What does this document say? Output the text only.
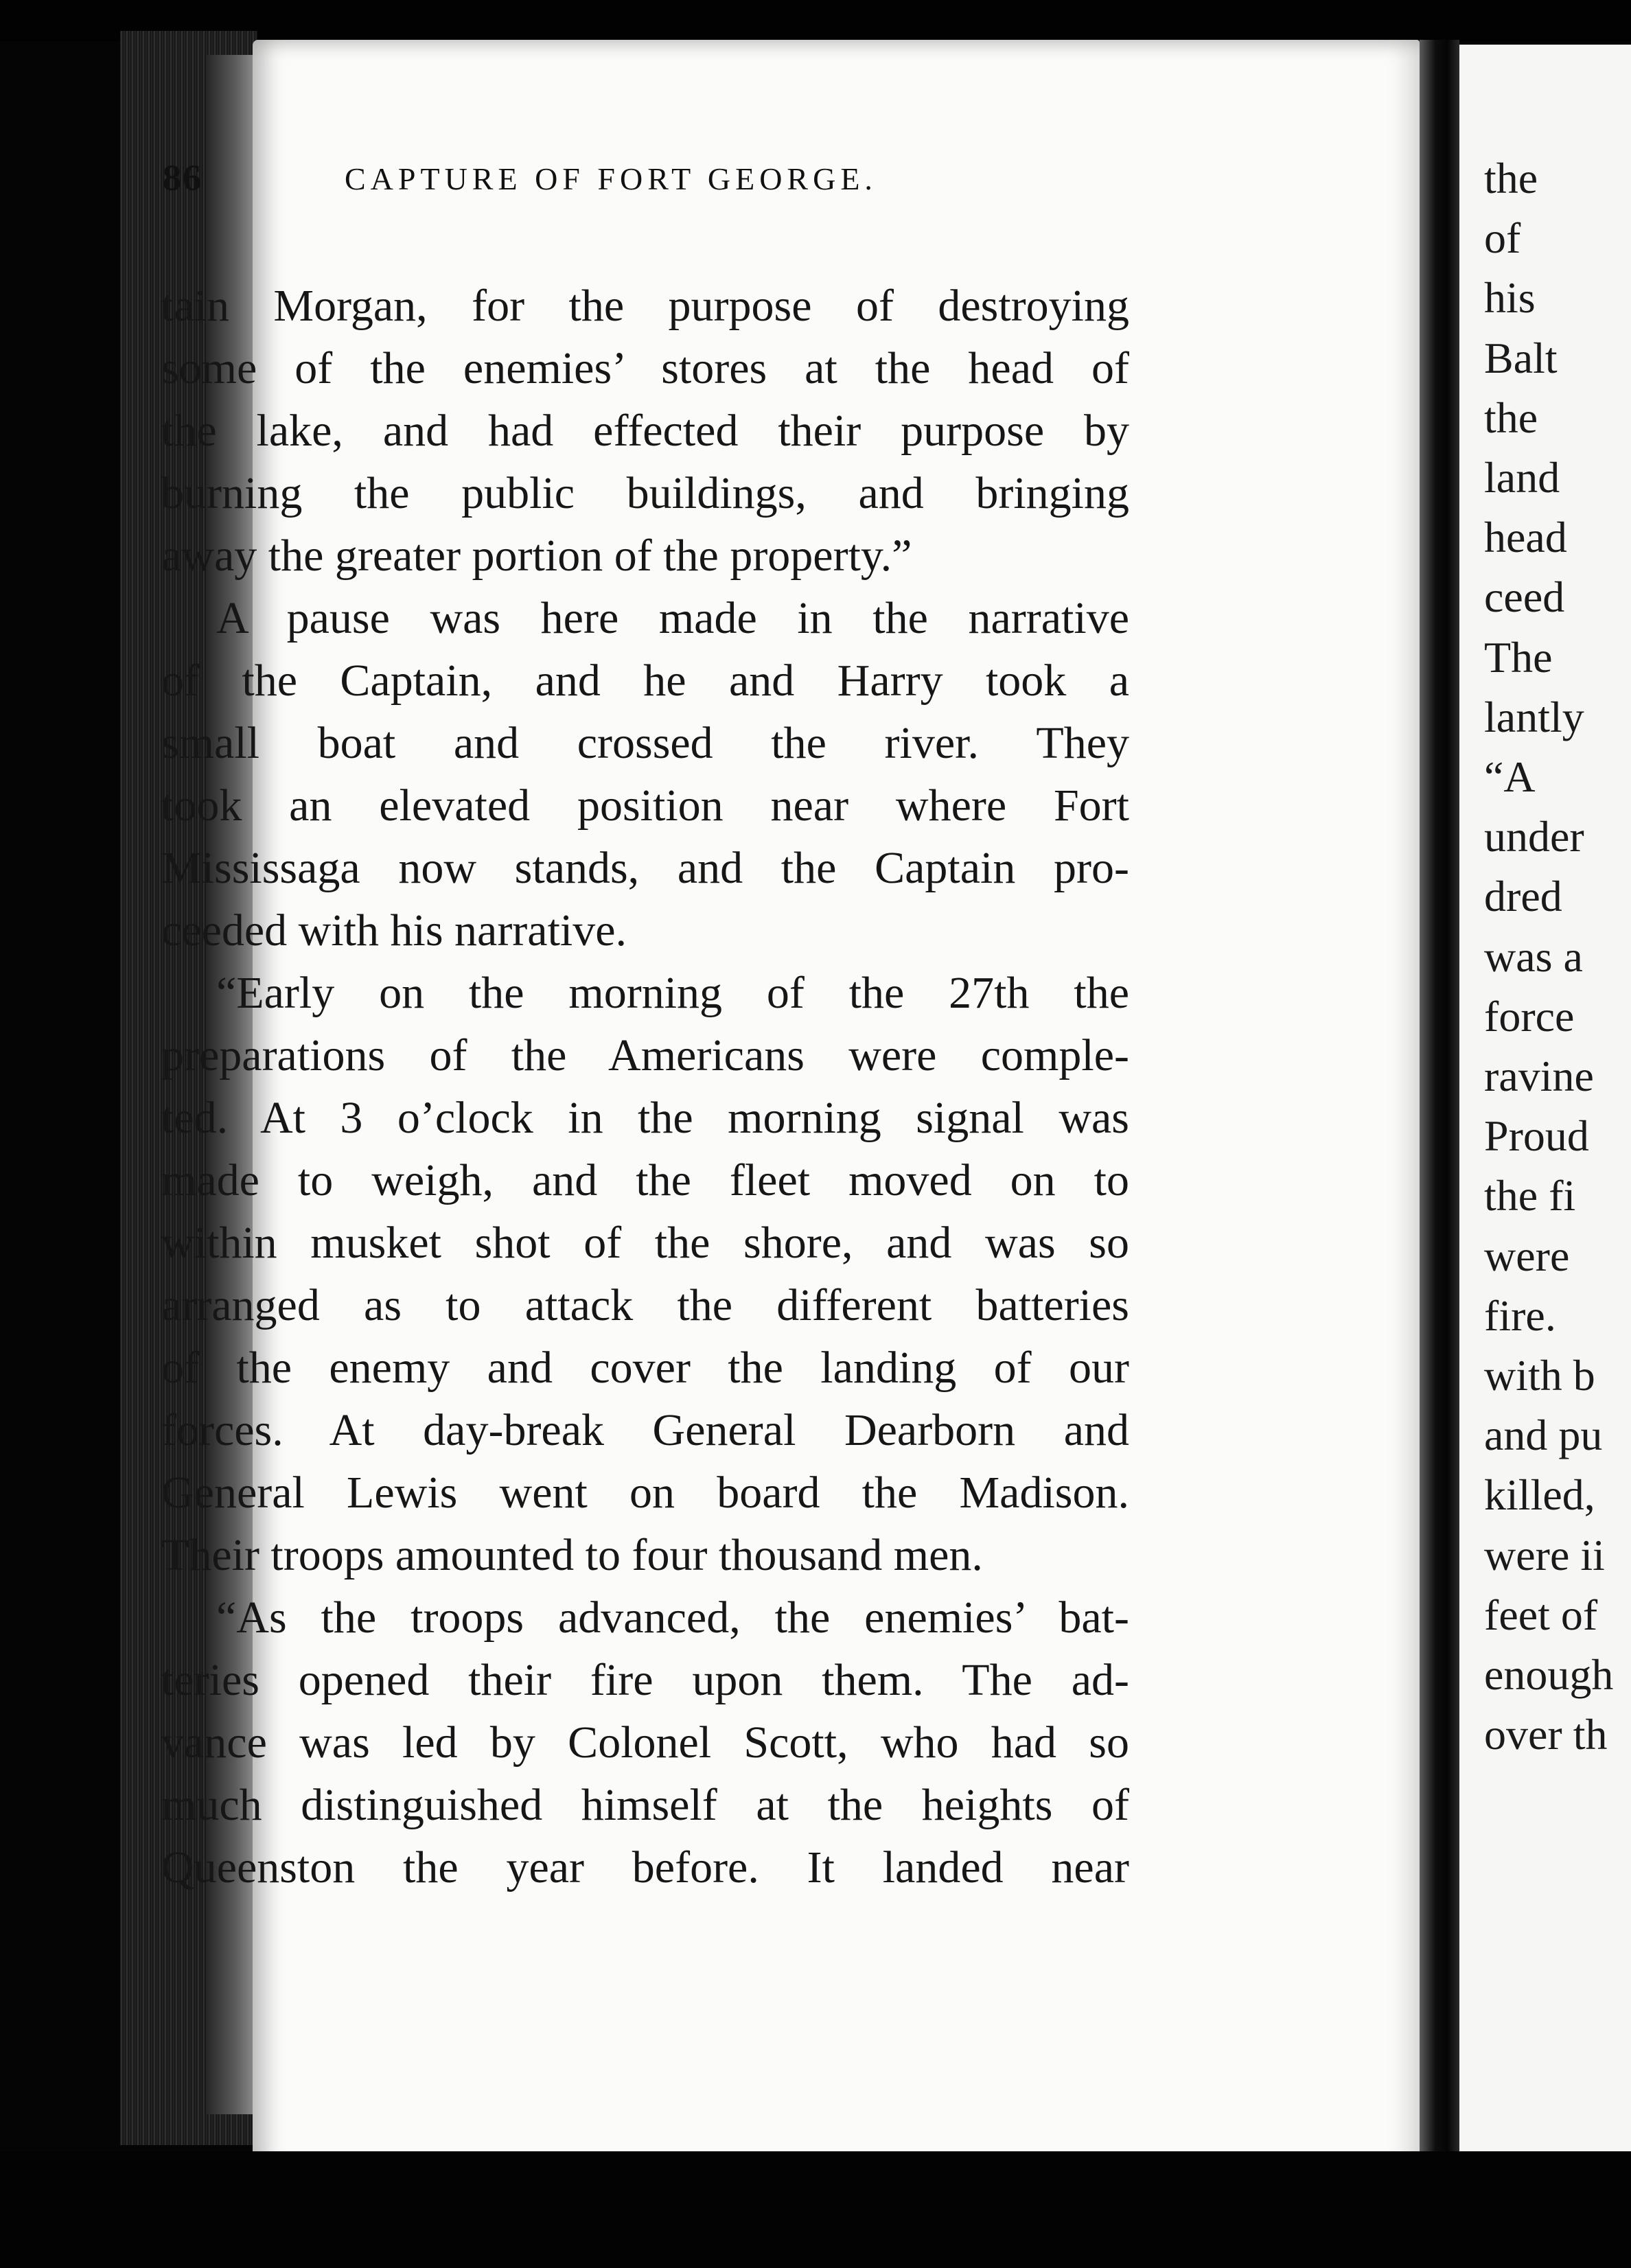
86	CAPTURE OF FORT GEORGE.
tain Morgan, for the purpose of destroying
some of the enemies’ stores at the head of
the lake, and had effected their purpose by
burning the public buildings, and bringing
away the greater portion of the property.”
A pause was here made in the narrative
of the Captain, and he and Harry took a
small boat and crossed the river. They
took an elevated position near where Fort
Mississaga now stands, and the Captain pro-
ceeded with his narrative.
“Early on the morning of the 27th the
preparations of the Americans were comple-
ted. At 3 o’clock in the morning signal was
made to weigh, and the fleet moved on to
within musket shot of the shore, and was so
arranged as to attack the different batteries
of the enemy and cover the landing of our
forces. At day-break General Dearborn and
General Lewis went on board the Madison.
Their troops amounted to four thousand men.
“As the troops advanced, the enemies’ bat-
teries opened their fire upon them. The ad-
vance was led by Colonel Scott, who had so
much distinguished himself at the heights of
Queenston the year before. It landed near
the
of
his
Balt
the
land
head
ceed
The
lantly
“A
under
dred
was a
force
ravine
Proud
the fi
were
fire.
with b
and pu
killed,
were ii
feet of
enough
over th
